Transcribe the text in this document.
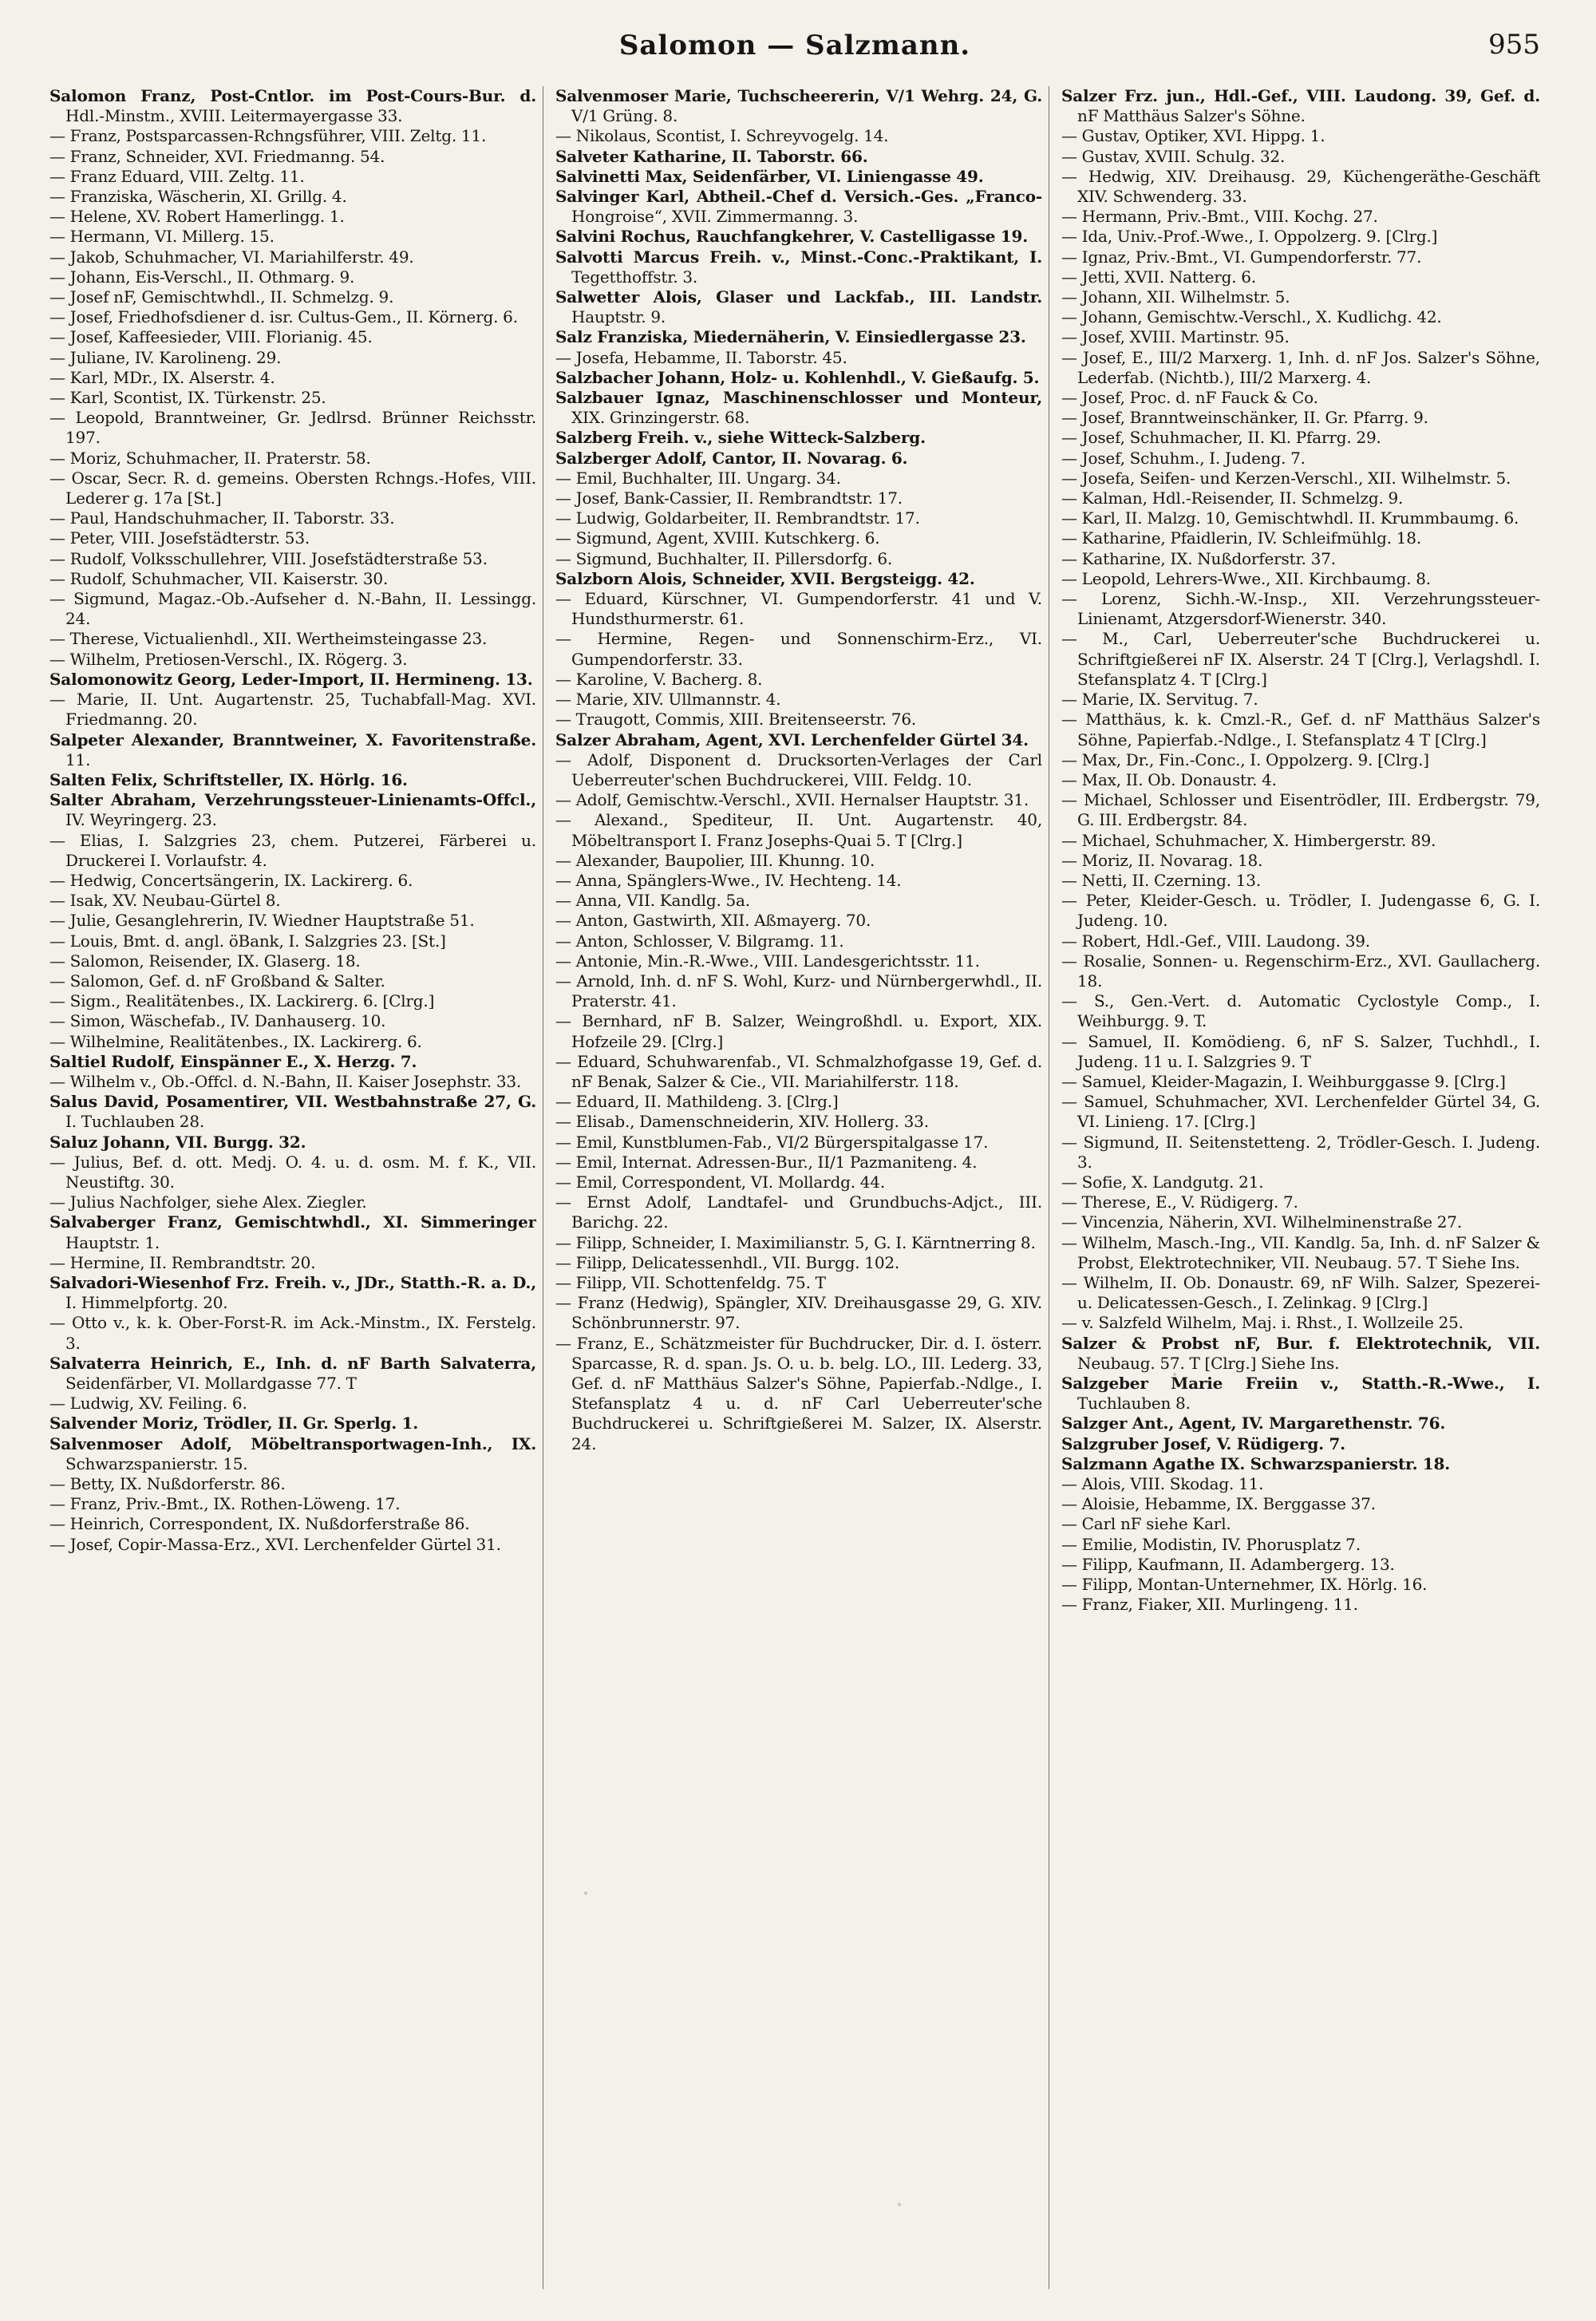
Salomon — Salzmann.	955

Salomon Franz, Post-Cntlor. im Post-Cours-Bur. d. Hdl.-Minstm., XVIII. Leitermayergasse 33.

— Franz, Postsparcassen-Rchngsführer, VIII. Zeltg. 11.

— Franz, Schneider, XVI. Friedmanng. 54.

— Franz Eduard, VIII. Zeltg. 11.

— Franziska, Wäscherin, XI. Grillg. 4.

— Helene, XV. Robert Hamerlingg. 1.

— Hermann, VI. Millerg. 15.

— Jakob, Schuhmacher, VI. Mariahilferstr. 49.

— Johann, Eis-Verschl., II. Othmarg. 9.

— Josef nF, Gemischtwhdl., II. Schmelzg. 9.

— Josef, Friedhofsdiener d. isr. Cultus-Gem., II. Körnerg. 6.

— Josef, Kaffeesieder, VIII. Florianig. 45.

— Juliane, IV. Karolineng. 29.

— Karl, MDr., IX. Alserstr. 4.

— Karl, Scontist, IX. Türkenstr. 25.

— Leopold, Branntweiner, Gr. Jedlrsd. Brünner Reichsstr. 197.

— Moriz, Schuhmacher, II. Praterstr. 58.

— Oscar, Secr. R. d. gemeins. Obersten Rchngs.-Hofes, VIII. Lederer g. 17a [St.]

— Paul, Handschuhmacher, II. Taborstr. 33.

— Peter, VIII. Josefstädterstr. 53.

— Rudolf, Volksschullehrer, VIII. Josefstädterstraße 53.

— Rudolf, Schuhmacher, VII. Kaiserstr. 30.

— Sigmund, Magaz.-Ob.-Aufseher d. N.-Bahn, II. Lessingg. 24.

— Therese, Victualienhdl., XII. Wertheimsteingasse 23.

— Wilhelm, Pretiosen-Verschl., IX. Rögerg. 3.

Salomonowitz Georg, Leder-Import, II. Hermineng. 13.

— Marie, II. Unt. Augartenstr. 25, Tuchabfall-Mag. XVI. Friedmanng. 20.

Salpeter Alexander, Branntweiner, X. Favoritenstraße. 11.

Salten Felix, Schriftsteller, IX. Hörlg. 16.

Salter Abraham, Verzehrungssteuer-Linienamts-Offcl., IV. Weyringerg. 23.

— Elias, I. Salzgries 23, chem. Putzerei, Färberei u. Druckerei I. Vorlaufstr. 4.

— Hedwig, Concertsängerin, IX. Lackirerg. 6.

— Isak, XV. Neubau-Gürtel 8.

— Julie, Gesanglehrerin, IV. Wiedner Hauptstraße 51.

— Louis, Bmt. d. angl. öBank, I. Salzgries 23. [St.]

— Salomon, Reisender, IX. Glaserg. 18.

— Salomon, Gef. d. nF Großband & Salter.

— Sigm., Realitätenbes., IX. Lackirerg. 6. [Clrg.]

— Simon, Wäschefab., IV. Danhauserg. 10.

— Wilhelmine, Realitätenbes., IX. Lackirerg. 6.

Saltiel Rudolf, Einspänner E., X. Herzg. 7.

— Wilhelm v., Ob.-Offcl. d. N.-Bahn, II. Kaiser Josephstr. 33.

Salus David, Posamentirer, VII. Westbahnstraße 27, G. I. Tuchlauben 28.

Saluz Johann, VII. Burgg. 32.

— Julius, Bef. d. ott. Medj. O. 4. u. d. osm. M. f. K., VII. Neustiftg. 30.

— Julius Nachfolger, siehe Alex. Ziegler.

Salvaberger Franz, Gemischtwhdl., XI. Simmeringer Hauptstr. 1.

— Hermine, II. Rembrandtstr. 20.

Salvadori-Wiesenhof Frz. Freih. v., JDr., Statth.-R. a. D., I. Himmelpfortg. 20.

— Otto v., k. k. Ober-Forst-R. im Ack.-Minstm., IX. Ferstelg. 3.

Salvaterra Heinrich, E., Inh. d. nF Barth Salvaterra, Seidenfärber, VI. Mollardgasse 77. T

— Ludwig, XV. Feiling. 6.

Salvender Moriz, Trödler, II. Gr. Sperlg. 1.

Salvenmoser Adolf, Möbeltransportwagen-Inh., IX. Schwarzspanierstr. 15.

— Betty, IX. Nußdorferstr. 86.

— Franz, Priv.-Bmt., IX. Rothen-Löweng. 17.

— Heinrich, Correspondent, IX. Nußdorferstraße 86.

— Josef, Copir-Massa-Erz., XVI. Lerchenfelder Gürtel 31.

Salvenmoser Marie, Tuchscheererin, V/1 Wehrg. 24, G. V/1 Grüng. 8.

— Nikolaus, Scontist, I. Schreyvogelg. 14.

Salveter Katharine, II. Taborstr. 66.

Salvinetti Max, Seidenfärber, VI. Liniengasse 49.

Salvinger Karl, Abtheil.-Chef d. Versich.-Ges. „Franco-Hongroise“, XVII. Zimmermanng. 3.

Salvini Rochus, Rauchfangkehrer, V. Castelligasse 19.

Salvotti Marcus Freih. v., Minst.-Conc.-Praktikant, I. Tegetthoffstr. 3.

Salwetter Alois, Glaser und Lackfab., III. Landstr. Hauptstr. 9.

Salz Franziska, Miedernäherin, V. Einsiedlergasse 23.

— Josefa, Hebamme, II. Taborstr. 45.

Salzbacher Johann, Holz- u. Kohlenhdl., V. Gießaufg. 5.

Salzbauer Ignaz, Maschinenschlosser und Monteur, XIX. Grinzingerstr. 68.

Salzberg Freih. v., siehe Witteck-Salzberg.

Salzberger Adolf, Cantor, II. Novarag. 6.

— Emil, Buchhalter, III. Ungarg. 34.

— Josef, Bank-Cassier, II. Rembrandtstr. 17.

— Ludwig, Goldarbeiter, II. Rembrandtstr. 17.

— Sigmund, Agent, XVIII. Kutschkerg. 6.

— Sigmund, Buchhalter, II. Pillersdorfg. 6.

Salzborn Alois, Schneider, XVII. Bergsteigg. 42.

— Eduard, Kürschner, VI. Gumpendorferstr. 41 und V. Hundsthurmerstr. 61.

— Hermine, Regen- und Sonnenschirm-Erz., VI. Gumpendorferstr. 33.

— Karoline, V. Bacherg. 8.

— Marie, XIV. Ullmannstr. 4.

— Traugott, Commis, XIII. Breitenseerstr. 76.

Salzer Abraham, Agent, XVI. Lerchenfelder Gürtel 34.

— Adolf, Disponent d. Drucksorten-Verlages der Carl Ueberreuter'schen Buchdruckerei, VIII. Feldg. 10.

— Adolf, Gemischtw.-Verschl., XVII. Hernalser Hauptstr. 31.

— Alexand., Spediteur, II. Unt. Augartenstr. 40, Möbeltransport I. Franz Josephs-Quai 5. T [Clrg.]

— Alexander, Baupolier, III. Khunng. 10.

— Anna, Spänglers-Wwe., IV. Hechteng. 14.

— Anna, VII. Kandlg. 5a.

— Anton, Gastwirth, XII. Aßmayerg. 70.

— Anton, Schlosser, V. Bilgramg. 11.

— Antonie, Min.-R.-Wwe., VIII. Landesgerichtsstr. 11.

— Arnold, Inh. d. nF S. Wohl, Kurz- und Nürnbergerwhdl., II. Praterstr. 41.

— Bernhard, nF B. Salzer, Weingroßhdl. u. Export, XIX. Hofzeile 29. [Clrg.]

— Eduard, Schuhwarenfab., VI. Schmalzhofgasse 19, Gef. d. nF Benak, Salzer & Cie., VII. Mariahilferstr. 118.

— Eduard, II. Mathildeng. 3. [Clrg.]

— Elisab., Damenschneiderin, XIV. Hollerg. 33.

— Emil, Kunstblumen-Fab., VI/2 Bürgerspitalgasse 17.

— Emil, Internat. Adressen-Bur., II/1 Pazmaniteng. 4.

— Emil, Correspondent, VI. Mollardg. 44.

— Ernst Adolf, Landtafel- und Grundbuchs-Adjct., III. Barichg. 22.

— Filipp, Schneider, I. Maximilianstr. 5, G. I. Kärntnerring 8.

— Filipp, Delicatessenhdl., VII. Burgg. 102.

— Filipp, VII. Schottenfeldg. 75. T

— Franz (Hedwig), Spängler, XIV. Dreihausgasse 29, G. XIV. Schönbrunnerstr. 97.

— Franz, E., Schätzmeister für Buchdrucker, Dir. d. I. österr. Sparcasse, R. d. span. Js. O. u. b. belg. LO., III. Lederg. 33, Gef. d. nF Matthäus Salzer's Söhne, Papierfab.-Ndlge., I. Stefansplatz 4 u. d. nF Carl Ueberreuter'sche Buchdruckerei u. Schriftgießerei M. Salzer, IX. Alserstr. 24.

Salzer Frz. jun., Hdl.-Gef., VIII. Laudong. 39, Gef. d. nF Matthäus Salzer's Söhne.

— Gustav, Optiker, XVI. Hippg. 1.

— Gustav, XVIII. Schulg. 32.

— Hedwig, XIV. Dreihausg. 29, Küchengeräthe-Geschäft XIV. Schwenderg. 33.

— Hermann, Priv.-Bmt., VIII. Kochg. 27.

— Ida, Univ.-Prof.-Wwe., I. Oppolzerg. 9. [Clrg.]

— Ignaz, Priv.-Bmt., VI. Gumpendorferstr. 77.

— Jetti, XVII. Natterg. 6.

— Johann, XII. Wilhelmstr. 5.

— Johann, Gemischtw.-Verschl., X. Kudlichg. 42.

— Josef, XVIII. Martinstr. 95.

— Josef, E., III/2 Marxerg. 1, Inh. d. nF Jos. Salzer's Söhne, Lederfab. (Nichtb.), III/2 Marxerg. 4.

— Josef, Proc. d. nF Fauck & Co.

— Josef, Branntweinschänker, II. Gr. Pfarrg. 9.

— Josef, Schuhmacher, II. Kl. Pfarrg. 29.

— Josef, Schuhm., I. Judeng. 7.

— Josefa, Seifen- und Kerzen-Verschl., XII. Wilhelmstr. 5.

— Kalman, Hdl.-Reisender, II. Schmelzg. 9.

— Karl, II. Malzg. 10, Gemischtwhdl. II. Krummbaumg. 6.

— Katharine, Pfaidlerin, IV. Schleifmühlg. 18.

— Katharine, IX. Nußdorferstr. 37.

— Leopold, Lehrers-Wwe., XII. Kirchbaumg. 8.

— Lorenz, Sichh.-W.-Insp., XII. Verzehrungssteuer-Linienamt, Atzgersdorf-Wienerstr. 340.

— M., Carl, Ueberreuter'sche Buchdruckerei u. Schriftgießerei nF IX. Alserstr. 24 T [Clrg.], Verlagshdl. I. Stefansplatz 4. T [Clrg.]

— Marie, IX. Servitug. 7.

— Matthäus, k. k. Cmzl.-R., Gef. d. nF Matthäus Salzer's Söhne, Papierfab.-Ndlge., I. Stefansplatz 4 T [Clrg.]

— Max, Dr., Fin.-Conc., I. Oppolzerg. 9. [Clrg.]

— Max, II. Ob. Donaustr. 4.

— Michael, Schlosser und Eisentrödler, III. Erdbergstr. 79, G. III. Erdbergstr. 84.

— Michael, Schuhmacher, X. Himbergerstr. 89.

— Moriz, II. Novarag. 18.

— Netti, II. Czerning. 13.

— Peter, Kleider-Gesch. u. Trödler, I. Judengasse 6, G. I. Judeng. 10.

— Robert, Hdl.-Gef., VIII. Laudong. 39.

— Rosalie, Sonnen- u. Regenschirm-Erz., XVI. Gaullacherg. 18.

— S., Gen.-Vert. d. Automatic Cyclostyle Comp., I. Weihburgg. 9. T.

— Samuel, II. Komödieng. 6, nF S. Salzer, Tuchhdl., I. Judeng. 11 u. I. Salzgries 9. T

— Samuel, Kleider-Magazin, I. Weihburggasse 9. [Clrg.]

— Samuel, Schuhmacher, XVI. Lerchenfelder Gürtel 34, G. VI. Linieng. 17. [Clrg.]

— Sigmund, II. Seitenstetteng. 2, Trödler-Gesch. I. Judeng. 3.

— Sofie, X. Landgutg. 21.

— Therese, E., V. Rüdigerg. 7.

— Vincenzia, Näherin, XVI. Wilhelminenstraße 27.

— Wilhelm, Masch.-Ing., VII. Kandlg. 5a, Inh. d. nF Salzer & Probst, Elektrotechniker, VII. Neubaug. 57. T Siehe Ins.

— Wilhelm, II. Ob. Donaustr. 69, nF Wilh. Salzer, Spezerei- u. Delicatessen-Gesch., I. Zelinkag. 9 [Clrg.]

— v. Salzfeld Wilhelm, Maj. i. Rhst., I. Wollzeile 25.

Salzer & Probst nF, Bur. f. Elektrotechnik, VII. Neubaug. 57. T [Clrg.] Siehe Ins.

Salzgeber Marie Freiin v., Statth.-R.-Wwe., I. Tuchlauben 8.

Salzger Ant., Agent, IV. Margarethenstr. 76.

Salzgruber Josef, V. Rüdigerg. 7.

Salzmann Agathe IX. Schwarzspanierstr. 18.

— Alois, VIII. Skodag. 11.

— Aloisie, Hebamme, IX. Berggasse 37.

— Carl nF siehe Karl.

— Emilie, Modistin, IV. Phorusplatz 7.

— Filipp, Kaufmann, II. Adambergerg. 13.

— Filipp, Montan-Unternehmer, IX. Hörlg. 16.

— Franz, Fiaker, XII. Murlingeng. 11.
